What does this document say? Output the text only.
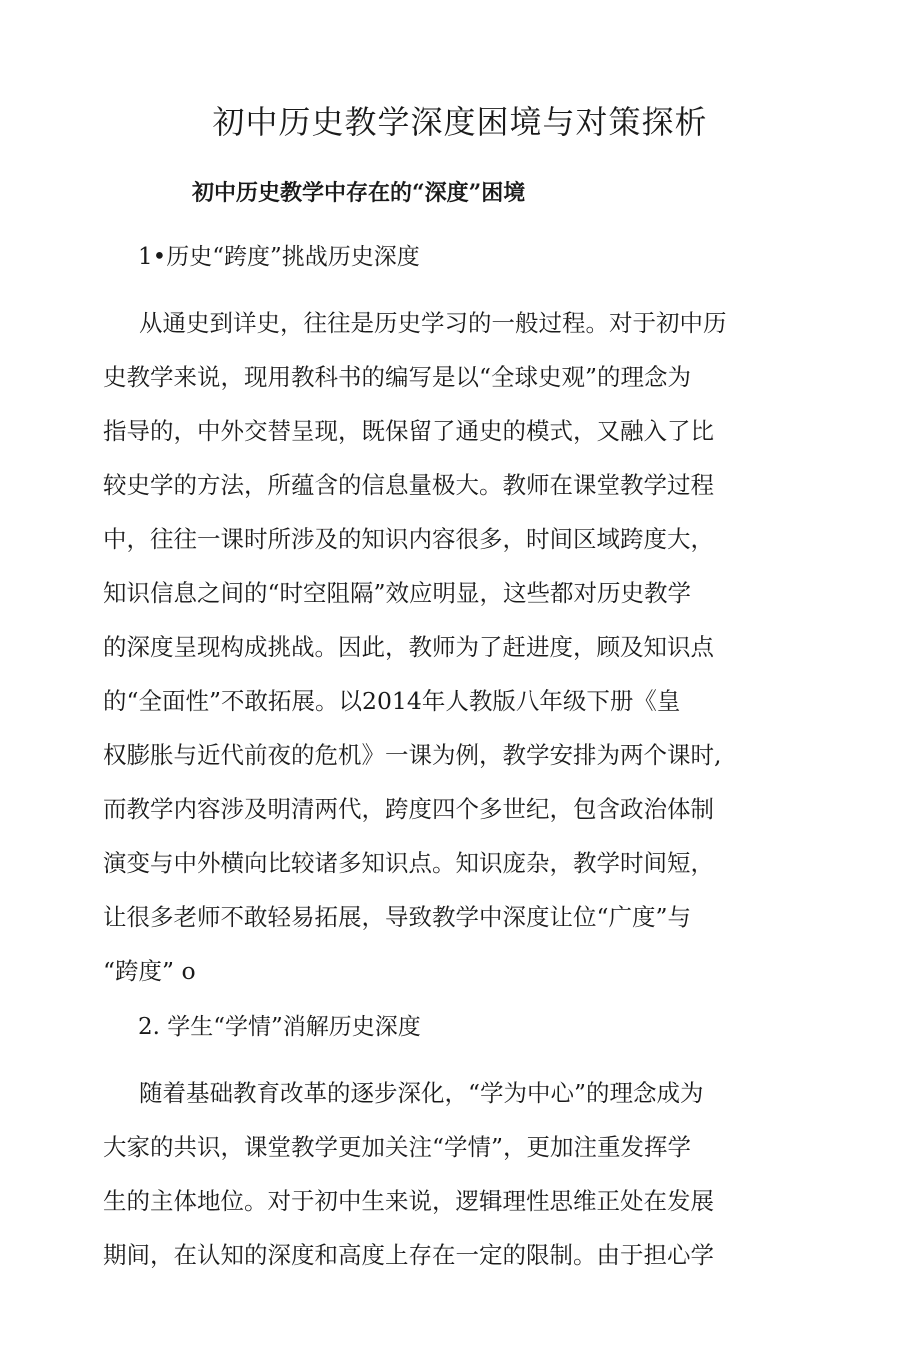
初中历史教学深度困境与对策探析
初中历史教学中存在的“深度”困境
1•历史“跨度”挑战历史深度
从通史到详史，往往是历史学习的一般过程。对于初中历
史教学来说，现用教科书的编写是以“全球史观”的理念为
指导的，中外交替呈现，既保留了通史的模式，又融入了比
较史学的方法，所蕴含的信息量极大。教师在课堂教学过程
中，往往一课时所涉及的知识内容很多，时间区域跨度大，
知识信息之间的“时空阻隔”效应明显，这些都对历史教学
的深度呈现构成挑战。因此，教师为了赶进度，顾及知识点
的“全面性”不敢拓展。以2014年人教版八年级下册《皇
权膨胀与近代前夜的危机》一课为例，教学安排为两个课时,
而教学内容涉及明清两代，跨度四个多世纪，包含政治体制
演变与中外横向比较诸多知识点。知识庞杂，教学时间短，
让很多老师不敢轻易拓展，导致教学中深度让位“广度”与
“跨度” o
2. 学生“学情”消解历史深度
随着基础教育改革的逐步深化，“学为中心”的理念成为
大家的共识，课堂教学更加关注“学情”，更加注重发挥学
生的主体地位。对于初中生来说，逻辑理性思维正处在发展
期间，在认知的深度和高度上存在一定的限制。由于担心学
